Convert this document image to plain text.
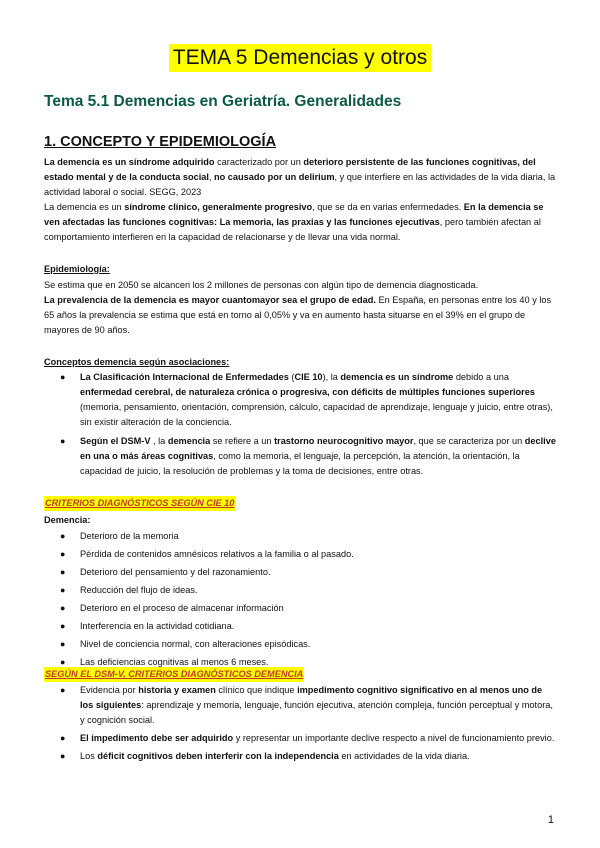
TEMA 5 Demencias y otros
Tema 5.1 Demencias en Geriatría. Generalidades
1. CONCEPTO Y EPIDEMIOLOGÍA

La demencia es un síndrome adquirido caracterizado por un deterioro persistente de las funciones cognitivas, del estado mental y de la conducta social, no causado por un delirium, y que interfiere en las actividades de la vida diaria, la actividad laboral o social. SEGG, 2023

La demencia es un síndrome clínico, generalmente progresivo, que se da en varias enfermedades. En la demencia se ven afectadas las funciones cognitivas: La memoria, las praxias y las funciones ejecutivas, pero también afectan al comportamiento interfieren en la capacidad de relacionarse y de llevar una vida normal.

Epidemiología:

Se estima que en 2050 se alcancen los 2 millones de personas con algún tipo de demencia diagnosticada.

La prevalencia de la demencia es mayor cuantomayor sea el grupo de edad. En España, en personas entre los 40 y los 65 años la prevalencia se estima que está en torno al 0,05% y va en aumento hasta situarse en el 39% en el grupo de mayores de 90 años.

Conceptos demencia según asociaciones:
● La Clasificación Internacional de Enfermedades (CIE 10), la demencia es un síndrome debido a una enfermedad cerebral, de naturaleza crónica o progresiva, con déficits de múltiples funciones superiores (memoria, pensamiento, orientación, comprensión, cálculo, capacidad de aprendizaje, lenguaje y juicio, entre otras), sin existir alteración de la conciencia.
● Según el DSM-V , la demencia se refiere a un trastorno neurocognitivo mayor, que se caracteriza por un declive en una o más áreas cognitivas, como la memoria, el lenguaje, la percepción, la atención, la orientación, la capacidad de juicio, la resolución de problemas y la toma de decisiones, entre otras.
CRITERIOS DIAGNÓSTICOS SEGÚN CIE 10
Demencia:
● Deterioro de la memoria
● Pérdida de contenidos amnésicos relativos a la familia o al pasado.
● Deterioro del pensamiento y del razonamiento.
● Reducción del flujo de ideas.
● Deterioro en el proceso de almacenar información
● Interferencia en la actividad cotidiana.
● Nivel de conciencia normal, con alteraciones episódicas.
● Las deficiencias cognitivas al menos 6 meses.
SEGÚN EL DSM-V, CRITERIOS DIAGNÓSTICOS DEMENCIA
● Evidencia por historia y examen clínico que indique impedimento cognitivo significativo en al menos uno de los siguientes: aprendizaje y memoria, lenguaje, función ejecutiva, atención compleja, función perceptual y motora, y cognición social.
● El impedimento debe ser adquirido y representar un importante declive respecto a nivel de funcionamiento previo.
● Los déficit cognitivos deben interferir con la independencia en actividades de la vida diaria.
1
